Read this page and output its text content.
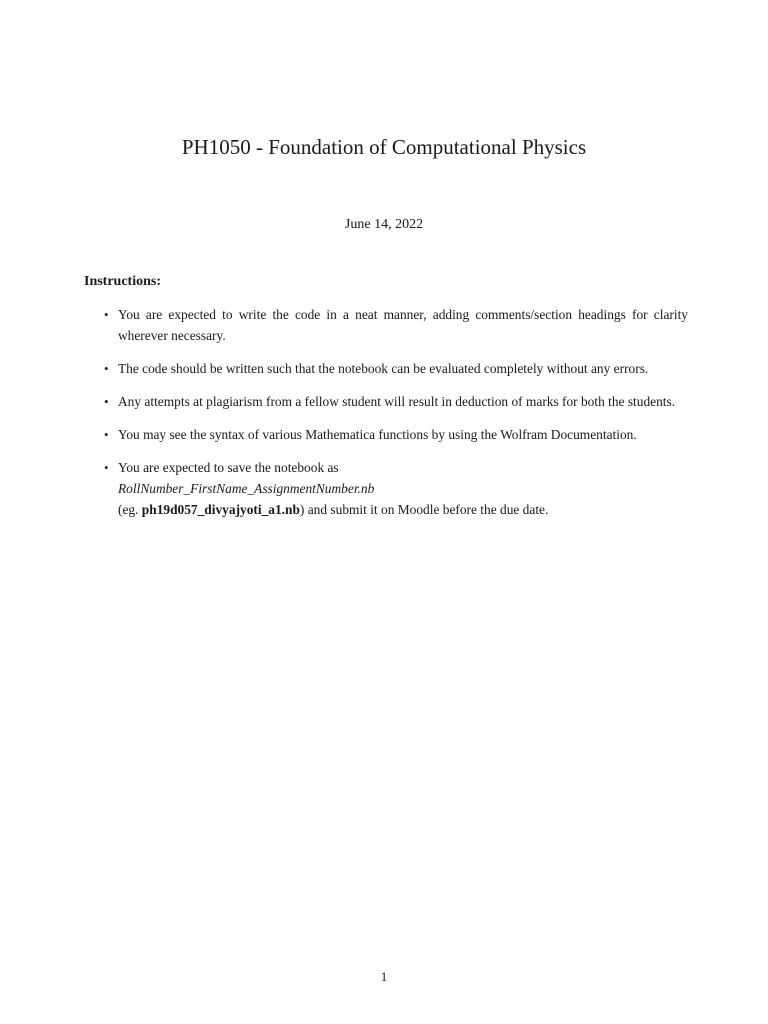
PH1050 - Foundation of Computational Physics
June 14, 2022
Instructions:
• You are expected to write the code in a neat manner, adding comments/section headings for clarity wherever necessary.
• The code should be written such that the notebook can be evaluated completely without any errors.
• Any attempts at plagiarism from a fellow student will result in deduction of marks for both the students.
• You may see the syntax of various Mathematica functions by using the Wolfram Documentation.
• You are expected to save the notebook as
RollNumber_FirstName_AssignmentNumber.nb
(eg. ph19d057_divyajyoti_a1.nb) and submit it on Moodle before the due date.
1
